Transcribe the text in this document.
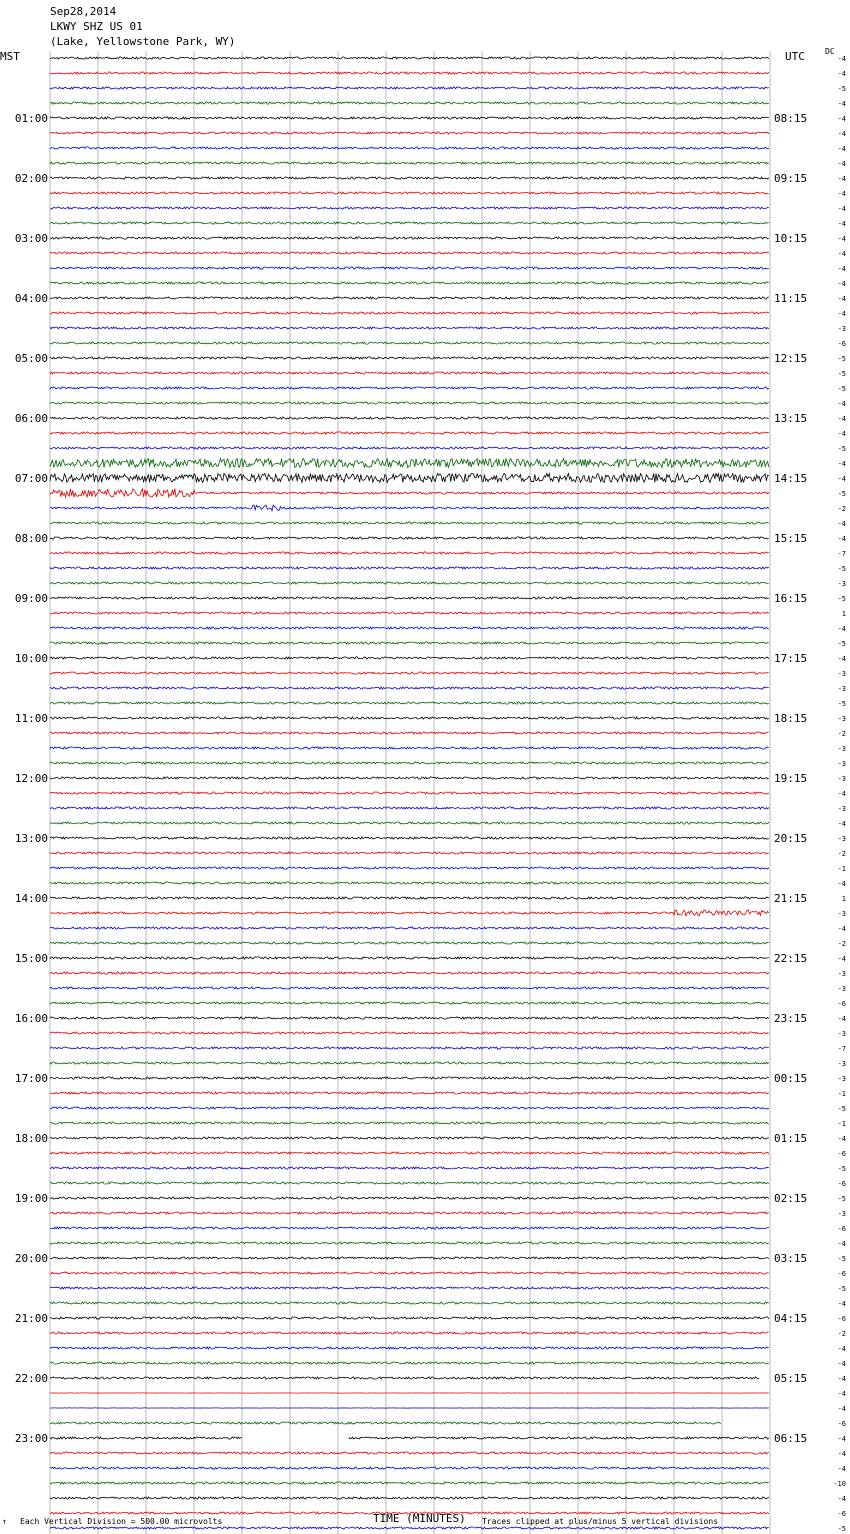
Sep28,2014
LKWY SHZ US 01
(Lake, Yellowstone Park, WY)
MST	UTC	DC
-4
-4
-5
-4
-4
-4
-4
-4
-4
-4
-4
-4
-4
-4
-4
-4
-4
-4
-3
-6
-5
-5
-5
-4
-4
-4
-5
-4
-4
-5
-2
-4
-4
-7
-5
-3
-5
1
-4
-5
-4
-3
-3
-5
-3
-2
-3
-3
-3
-4
-3
-4
-3
-2
-1
-4
1
-3
-4
-2
-4
-3
-3
-6
-4
-3
-7
-3
-3
-1
-5
-1
-4
-6
-5
-6
-5
-3
-6
-4
-5
-6
-5
-4
-6
-2
-4
-4
-4
-4
-4
-6
-4
-4
-4
-10
-4
-6
-5
01:00	08:15
02:00	09:15
03:00	10:15
04:00	11:15
05:00	12:15
06:00	13:15
07:00	14:15
08:00	15:15
09:00	16:15
10:00	17:15
11:00	18:15
12:00	19:15
13:00	20:15
14:00	21:15
15:00	22:15
16:00	23:15
17:00	00:15
18:00	01:15
19:00	02:15
20:00	03:15
21:00	04:15
22:00	05:15
23:00	06:15
↑ Each Vertical Division = 500.00 microvolts	TIME (MINUTES) Traces clipped at plus/minus 5 vertical divisions
